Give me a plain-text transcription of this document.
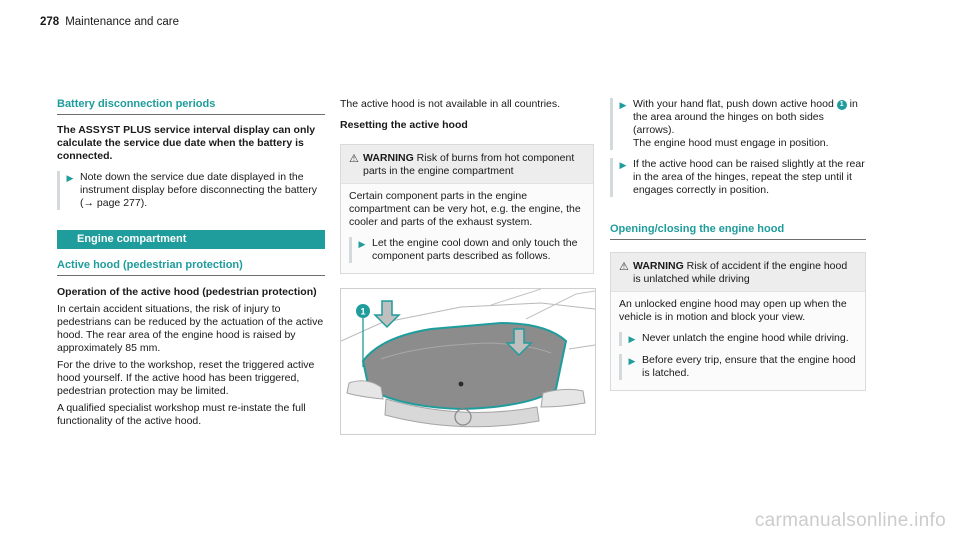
278 Maintenance and care
Battery disconnection periods

The ASSYST PLUS service interval display can only calculate the service due date when the battery is connected.

▶ Note down the service due date displayed in the instrument display before disconnecting the battery (→ page 277).
Engine compartment
Active hood (pedestrian protection)

Operation of the active hood (pedestrian protection)

In certain accident situations, the risk of injury to pedestrians can be reduced by the actuation of the active hood. The rear area of the engine hood is raised by approximately 85 mm.

For the drive to the workshop, reset the triggered active hood yourself. If the active hood has been triggered, pedestrian protection may be limited.

A qualified specialist workshop must re-instate the full functionality of the active hood.

The active hood is not available in all countries.

Resetting the active hood

⚠ WARNING Risk of burns from hot component parts in the engine compartment

Certain component parts in the engine compartment can be very hot, e.g. the engine, the cooler and parts of the exhaust system.

▶ Let the engine cool down and only touch the component parts described as follows.
1
▶ With your hand flat, push down active hood 1 in the area around the hinges on both sides (arrows).
The engine hood must engage in position.
▶ If the active hood can be raised slightly at the rear in the area of the hinges, repeat the step until it engages correctly in position.
Opening/closing the engine hood
⚠ WARNING Risk of accident if the engine hood is unlatched while driving

An unlocked engine hood may open up when the vehicle is in motion and block your view.

▶ Never unlatch the engine hood while driving.
▶ Before every trip, ensure that the engine hood is latched.
carmanualsonline.info
